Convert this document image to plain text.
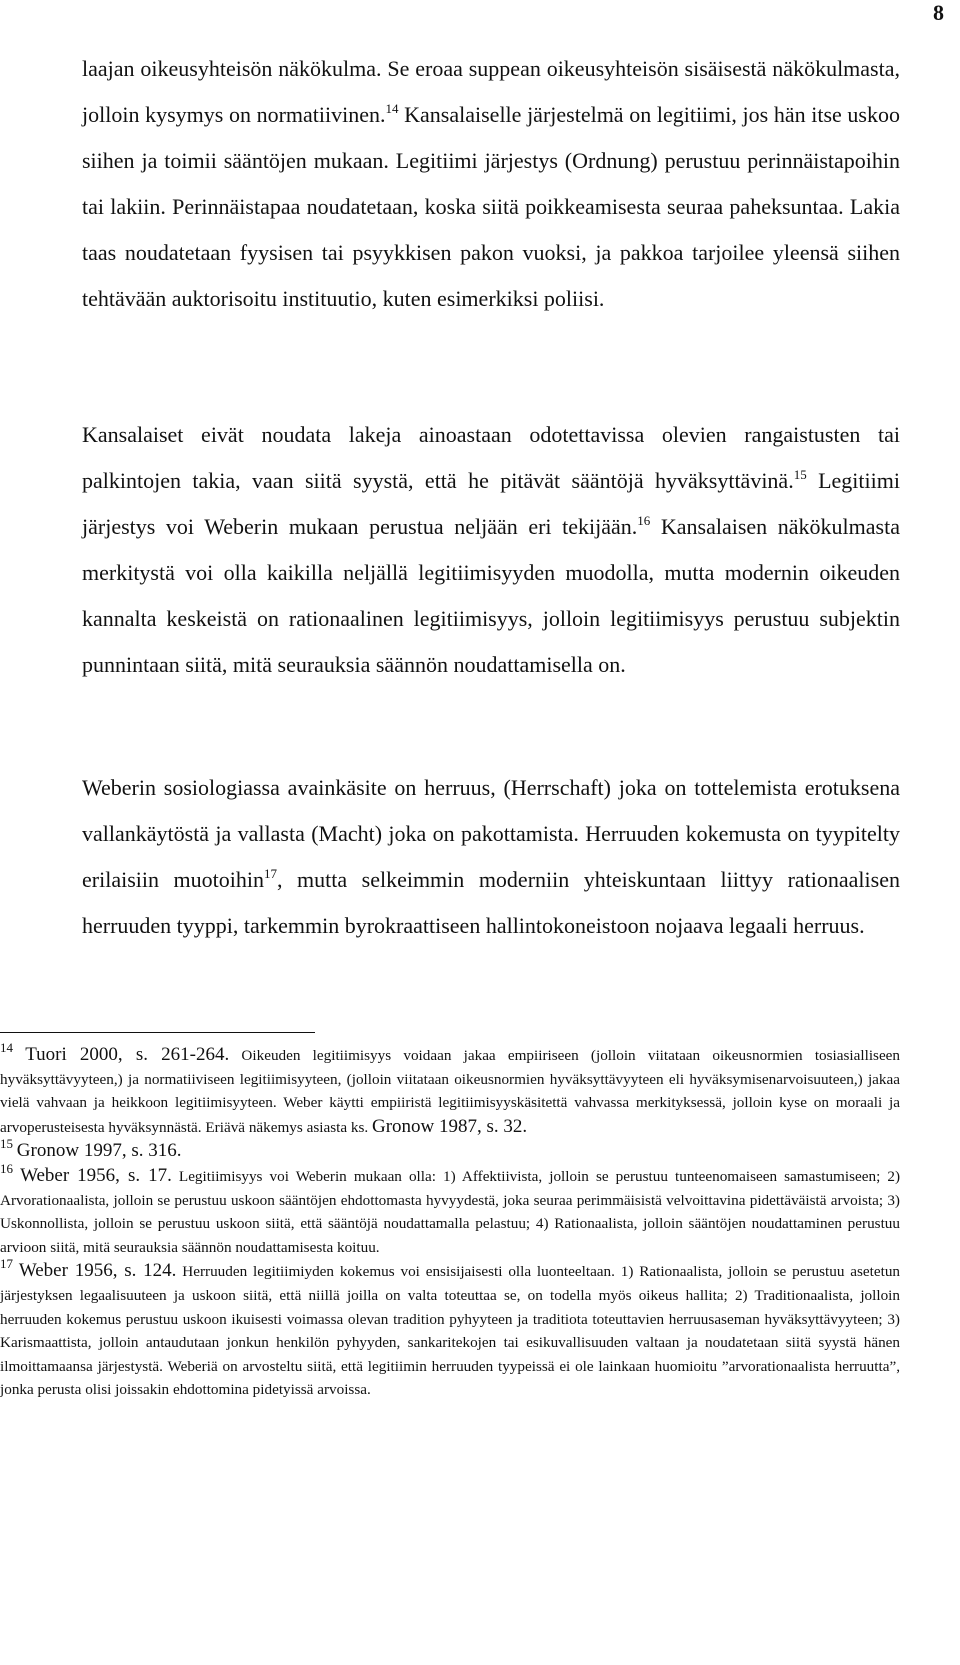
8

laajan oikeusyhteisön näkökulma. Se eroaa suppean oikeusyhteisön sisäisestä näkökulmasta, jolloin kysymys on normatiivinen.$^{14}$ Kansalaiselle järjestelmä on legitiimi, jos hän itse uskoo siihen ja toimii sääntöjen mukaan. Legitiimi järjestys (Ordnung) perustuu perinnäistapoihin tai lakiin. Perinnäistapaa noudatetaan, koska siitä poikkeamisesta seuraa paheksuntaa. Lakia taas noudatetaan fyysisen tai psyykkisen pakon vuoksi, ja pakkoa tarjoilee yleensä siihen tehtävään auktorisoitu instituutio, kuten esimerkiksi poliisi.

Kansalaiset eivät noudata lakeja ainoastaan odotettavissa olevien rangaistusten tai palkintojen takia, vaan siitä syystä, että he pitävät sääntöjä hyväksyttävinä.$^{15}$ Legitiimi järjestys voi Weberin mukaan perustua neljään eri tekijään.$^{16}$ Kansalaisen näkökulmasta merkitystä voi olla kaikilla neljällä legitiimisyyden muodolla, mutta modernin oikeuden kannalta keskeistä on rationaalinen legitiimisyys, jolloin legitiimisyys perustuu subjektin punnintaan siitä, mitä seurauksia säännön noudattamisella on.

Weberin sosiologiassa avainkäsite on herruus, (Herrschaft) joka on tottelemista erotuksena vallankäytöstä ja vallasta (Macht) joka on pakottamista. Herruuden kokemusta on tyypitelty erilaisiin muotoihin$^{17}$, mutta selkeimmin moderniin yhteiskuntaan liittyy rationaalisen herruuden tyyppi, tarkemmin byrokraattiseen hallintokoneistoon nojaava legaali herruus.

14 Tuori 2000, s. 261-264. Oikeuden legitiimisyys voidaan jakaa empiiriseen (jolloin viitataan oikeusnormien tosiasialliseen hyväksyttävyyteen,) ja normatiiviseen legitiimisyyteen, (jolloin viitataan oikeusnormien hyväksyttävyyteen eli hyväksymisenarvoisuuteen,) jakaa vielä vahvaan ja heikkoon legitiimisyyteen. Weber käytti empiiristä legitiimisyyskäsitettä vahvassa merkityksessä, jolloin kyse on moraali ja arvoperusteisesta hyväksynnästä. Eriävä näkemys asiasta ks. Gronow 1987, s. 32.

15 Gronow 1997, s. 316.

16 Weber 1956, s. 17. Legitiimisyys voi Weberin mukaan olla: 1) Affektiivista, jolloin se perustuu tunteenomaiseen samastumiseen; 2) Arvorationaalista, jolloin se perustuu uskoon sääntöjen ehdottomasta hyvyydestä, joka seuraa perimmäisistä velvoittavina pidettäväistä arvoista; 3) Uskonnollista, jolloin se perustuu uskoon siitä, että sääntöjä noudattamalla pelastuu; 4) Rationaalista, jolloin sääntöjen noudattaminen perustuu arvioon siitä, mitä seurauksia säännön noudattamisesta koituu.

17 Weber 1956, s. 124. Herruuden legitiimiyden kokemus voi ensisijaisesti olla luonteeltaan. 1) Rationaalista, jolloin se perustuu asetetun järjestyksen legaalisuuteen ja uskoon siitä, että niillä joilla on valta toteuttaa se, on todella myös oikeus hallita; 2) Traditionaalista, jolloin herruuden kokemus perustuu uskoon ikuisesti voimassa olevan tradition pyhyyteen ja traditiota toteuttavien herruusaseman hyväksyttävyyteen; 3) Karismaattista, jolloin antaudutaan jonkun henkilön pyhyyden, sankaritekojen tai esikuvallisuuden valtaan ja noudatetaan siitä syystä hänen ilmoittamaansa järjestystä. Weberiä on arvosteltu siitä, että legitiimin herruuden tyypeissä ei ole lainkaan huomioitu ”arvorationaalista herruutta”, jonka perusta olisi joissakin ehdottomina pidetyissä arvoissa.
